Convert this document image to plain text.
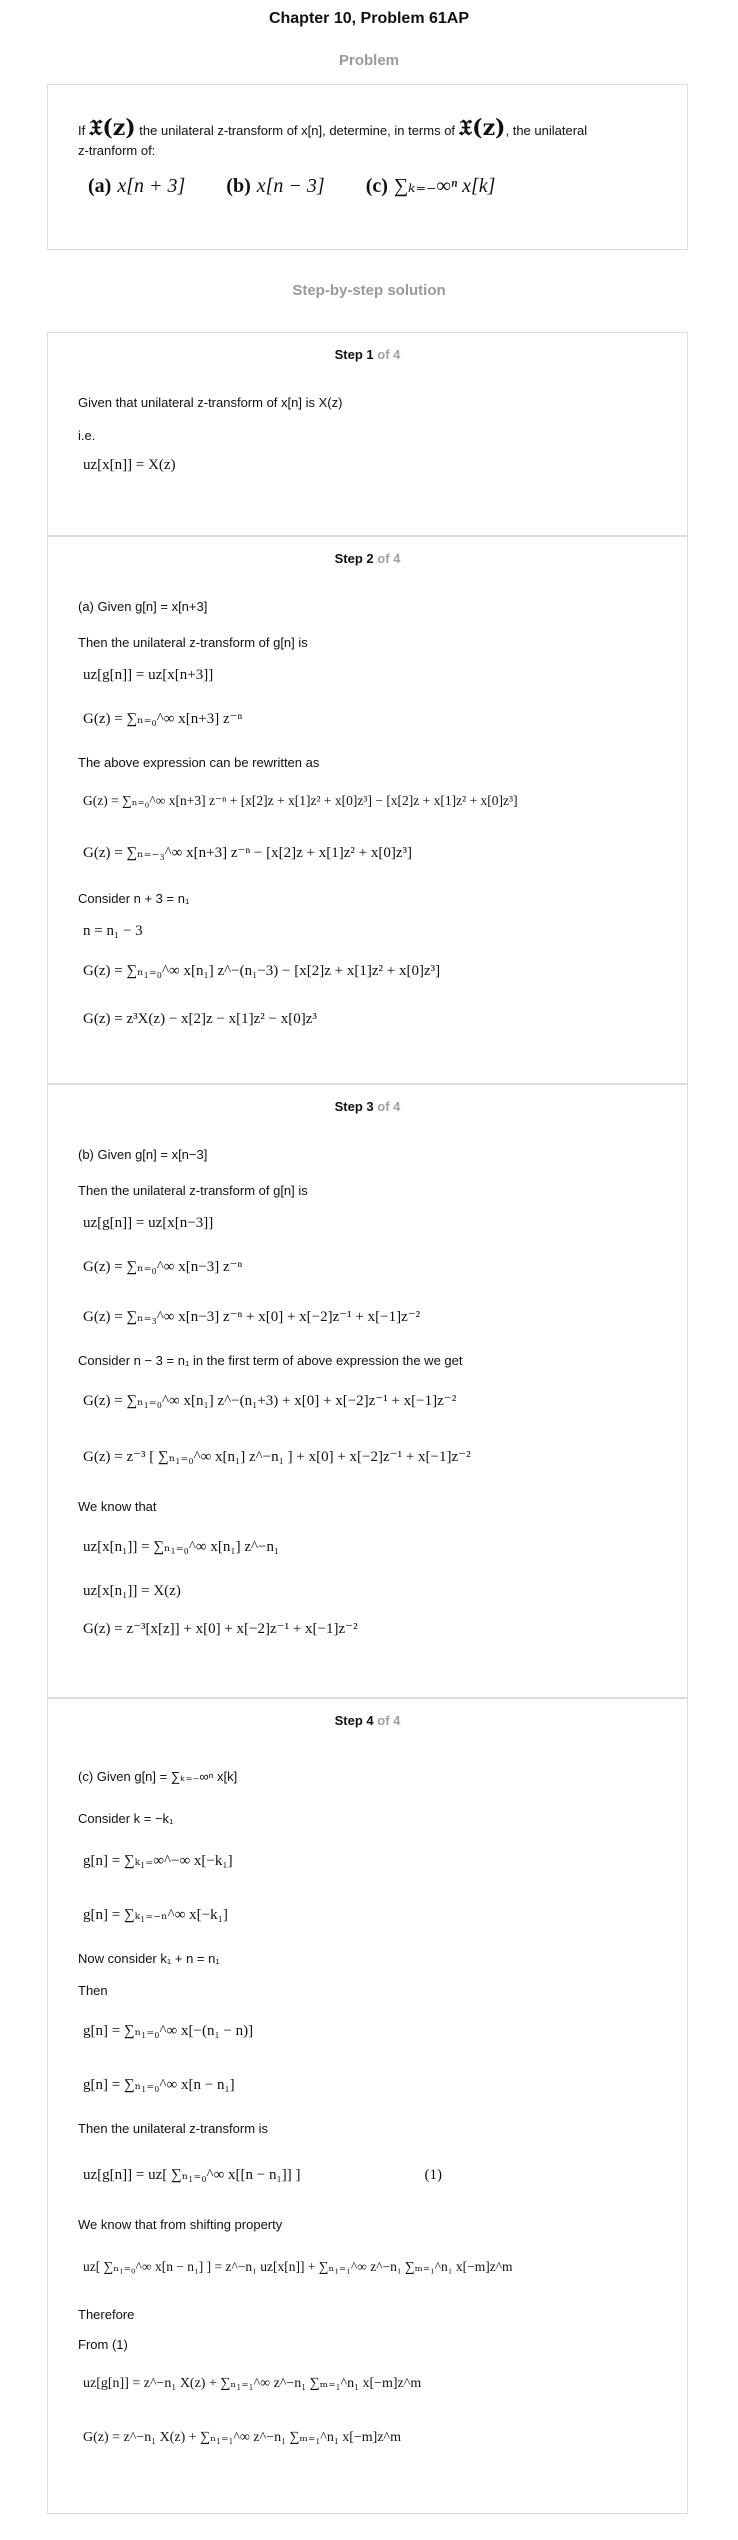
Chapter 10, Problem 61AP
Problem
If 𝔛(z) the unilateral z-transform of x[n], determine, in terms of 𝔛(z), the unilateral
z-tranform of:
(a) x[n + 3] (b) x[n − 3] (c) ∑ₖ₌₋∞ⁿ x[k]
Step-by-step solution
Step 1 of 4
Given that unilateral z-transform of x[n] is X(z)
i.e.
uz[x[n]] = X(z)
Step 2 of 4
(a) Given g[n] = x[n+3]
Then the unilateral z-transform of g[n] is
uz[g[n]] = uz[x[n+3]]
G(z) = ∑ₙ₌₀^∞ x[n+3] z⁻ⁿ
The above expression can be rewritten as
G(z) = ∑ₙ₌₀^∞ x[n+3] z⁻ⁿ + [x[2]z + x[1]z² + x[0]z³] − [x[2]z + x[1]z² + x[0]z³]
G(z) = ∑ₙ₌₋₃^∞ x[n+3] z⁻ⁿ − [x[2]z + x[1]z² + x[0]z³]
Consider n + 3 = n₁
n = n₁ − 3
G(z) = ∑ₙ₁₌₀^∞ x[n₁] z^−(n₁−3) − [x[2]z + x[1]z² + x[0]z³]
G(z) = z³X(z) − x[2]z − x[1]z² − x[0]z³
Step 3 of 4
(b) Given g[n] = x[n−3]
Then the unilateral z-transform of g[n] is
uz[g[n]] = uz[x[n−3]]
G(z) = ∑ₙ₌₀^∞ x[n−3] z⁻ⁿ
G(z) = ∑ₙ₌₃^∞ x[n−3] z⁻ⁿ + x[0] + x[−2]z⁻¹ + x[−1]z⁻²
Consider n − 3 = n₁ in the first term of above expression the we get
G(z) = ∑ₙ₁₌₀^∞ x[n₁] z^−(n₁+3) + x[0] + x[−2]z⁻¹ + x[−1]z⁻²
G(z) = z⁻³ [ ∑ₙ₁₌₀^∞ x[n₁] z^−n₁ ] + x[0] + x[−2]z⁻¹ + x[−1]z⁻²
We know that
uz[x[n₁]] = ∑ₙ₁₌₀^∞ x[n₁] z^−n₁
uz[x[n₁]] = X(z)
G(z) = z⁻³[x[z]] + x[0] + x[−2]z⁻¹ + x[−1]z⁻²
Step 4 of 4
(c) Given g[n] = ∑ₖ₌₋∞ⁿ x[k]
Consider k = −k₁
g[n] = ∑ₖ₁₌∞^−∞ x[−k₁]
g[n] = ∑ₖ₁₌₋ₙ^∞ x[−k₁]
Now consider k₁ + n = n₁
Then
g[n] = ∑ₙ₁₌₀^∞ x[−(n₁ − n)]
g[n] = ∑ₙ₁₌₀^∞ x[n − n₁]
Then the unilateral z-transform is
uz[g[n]] = uz[ ∑ₙ₁₌₀^∞ x[[n − n₁]] ]	(1)
We know that from shifting property
uz[ ∑ₙ₁₌₀^∞ x[n − n₁] ] = z^−n₁ uz[x[n]] + ∑ₙ₁₌₁^∞ z^−n₁ ∑ₘ₌₁^n₁ x[−m]z^m
Therefore
From (1)
uz[g[n]] = z^−n₁ X(z) + ∑ₙ₁₌₁^∞ z^−n₁ ∑ₘ₌₁^n₁ x[−m]z^m
G(z) = z^−n₁ X(z) + ∑ₙ₁₌₁^∞ z^−n₁ ∑ₘ₌₁^n₁ x[−m]z^m
